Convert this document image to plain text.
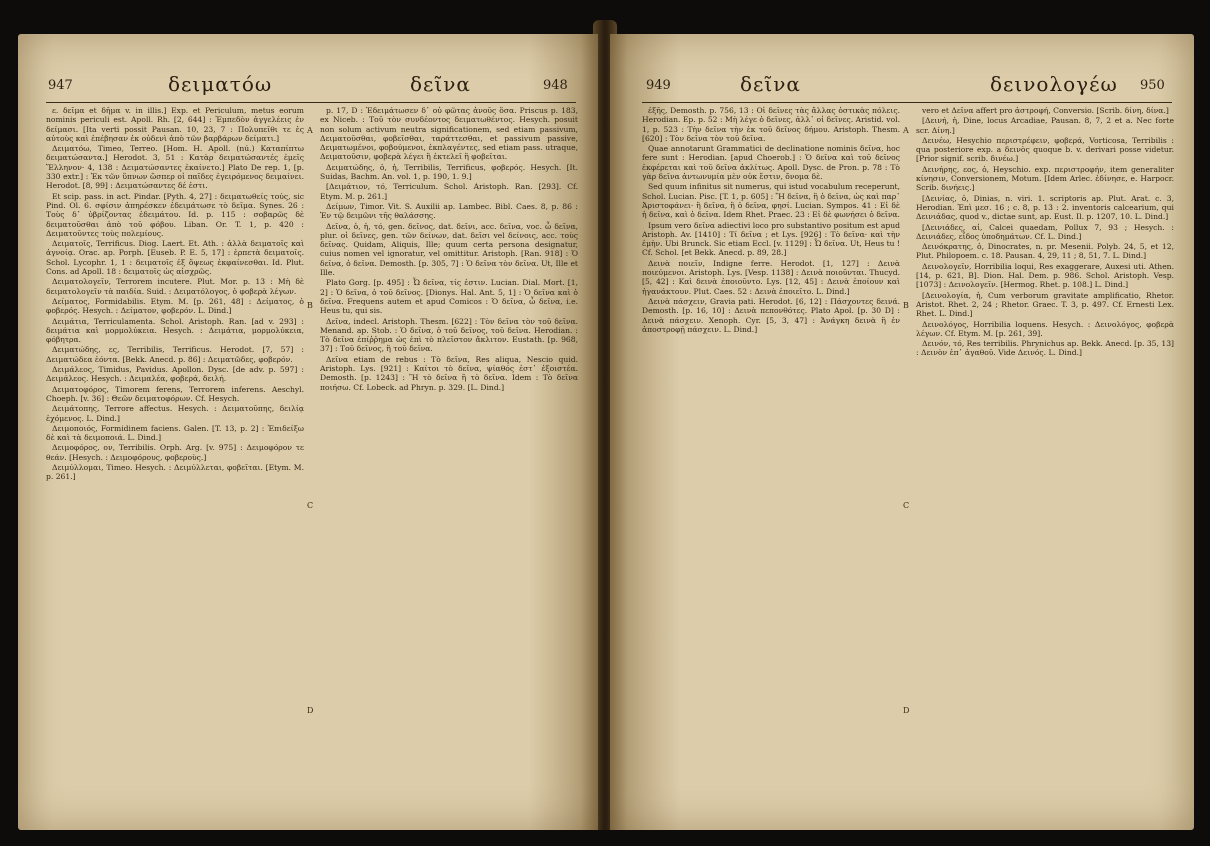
947	δειματόω	δεῖνα	948

ε. δεῖμα et δῆμα v. in illis.] Exp. et Periculum, metus eorum nominis periculi est. Apoll. Rh. [2, 644] : Ἐμπεδὸν ἀγγελέεις ἐν δείμασι. [Ita verti possit Pausan. 10, 23, 7 : Πολυπεῖθι τε ἐς αὐτοὺς καὶ ἐπέβησαν ἐκ οὐδενὶ ἀπὸ τῶν βαρβάρων δείματι.]

Δειματόω, Timeo, Terreo. [Hom. H. Apoll. (nú.) Καταπίπτω δειματώσαντα.] Herodot. 3, 51 : Κατὰρ δειματώσαντές ἐμεῖς Ἕλληνον· 4, 138 : Δειματώσαντες ἐκαίνετο.] Plato De rep. 1, [p. 330 extr.] : Ἐκ τῶν ὕπνων ὥσπερ οἱ παῖδες ἐγειρόμενος δειμαίνει. Herodot. [8, 99] : Δειματώσαντες δέ ἐστι.

Et scip. pass. in act. Pindar. [Pyth. 4, 27] : δειματωθείς τούς, sic Pind. Ol. 6. σφίσιν ἀπηρέσκεν ἐδειμάτωσε τὸ δεῖμα. Synes. 26 : Τοὺς δ᾽ ὑβρίζοντας ἐδειμάτου. Id. p. 115 : σοβαρῶς δὲ δειματοῦσθαι ἀπὸ τοῦ φόβου. Liban. Or. T. 1, p. 420 : Δειματοῦντες τοὺς πολεμίους.

Δειματοῖς, Terrificus. Diog. Laert. Et. Ath. : ἀλλὰ δειματοῖς καὶ ἀγνοίᾳ. Orac. ap. Porph. [Euseb. P. E. 5, 17] : ἐρπετὰ δειματοῖς. Schol. Lycophr. 1, 1 : δειματοῖς ἐξ ὄψεως ἐκφαίνεσθαι. Id. Plut. Cons. ad Apoll. 18 : δειματοῖς ὡς αἰσχρῶς.

Δειματολογεῖν, Terrorem incutere. Plut. Mor. p. 13 : Μὴ δὲ δειματολογεῖν τὰ παιδία. Suid. : Δειματόλογος, ὁ φοβερὰ λέγων.

Δείματος, Formidabilis. Etym. M. [p. 261, 48] : Δείματος, ὁ φοβερός. Hesych. : Δείματον, φοβερόν. L. Dind.]

Δειμάτια, Terriculamenta. Schol. Aristoph. Ran. [ad v. 293] : δειμάτια καὶ μορμολύκεια. Hesych. : Δειμάτια, μορμολύκεια, φόβητρα.

Δειματώδης, ες, Terribilis, Terrificus. Herodot. [7, 57] : Δειματώδεα ἐόντα. [Bekk. Anecd. p. 86] : Δειματῶδες, φοβερόν.

Δειμάλεος, Timidus, Pavidus. Apollon. Dysc. [de adv. p. 597] : Δειμάλεος. Hesych. : Δειμαλέα, φοβερά, δειλή.

Δειματοφόρος, Timorem ferens, Terrorem inferens. Aeschyl. Choeph. [v. 36] : Θεῶν δειματοφόρων. Cf. Hesych.

Δειμάτοπης, Terrore affectus. Hesych. : Δειματοῦπης, δειλίᾳ ἐχόμενος. L. Dind.]

Δειμοποιός, Formidinem faciens. Galen. [T. 13, p. 2] : Ἐπιδείξω δὲ καὶ τὰ δειμοποιά. L. Dind.]

Δειμοφόρος, ον, Terribilis. Orph. Arg. [v. 975] : Δειμοφόρον τε θεάν. [Hesych. : Δειμοφόρους, φοβεροὺς.]

Δειμύλλομαι, Timeo. Hesych. : Δειμύλλεται, φοβεῖται. [Etym. M. p. 261.]

A
B
C
D

p. 17, D : Ἐδειμάτωσεν δ᾽ οὐ φῶτας ἀνοῦς ὅσα. Priscus p. 183, ex Niceb. : Τοῦ τὸν συνδέοντος δειματωθέντος. Hesych. posuit non solum activum neutra significationem, sed etiam passivum, Δειματοῦσθαι, φοβεῖσθαι, ταράττεσθαι, et passivum passive, Δειματωμένοι, φοβούμενοι, ἐκπλαγέντες, sed etiam pass. utraque, Δειματοῦσιν, φοβερὰ λέγει ἢ ἐκτελεῖ ἢ φοβεῖται.

Δειματώδης, ὁ, ἡ, Terribilis, Terrificus, φοβερός. Hesych. [It. Suidas, Bachm. An. vol. 1, p. 190, 1. 9.]

[Δειμάτιον, τό, Terriculum. Schol. Aristoph. Ran. [293]. Cf. Etym. M. p. 261.]

Δείμων, Timor. Vit. S. Auxilii ap. Lambec. Bibl. Caes. 8, p. 86 : Ἐν τῷ δειμῶνι τῆς θαλάσσης.

Δεῖνα, ὁ, ἡ, τό, gen. δεῖνος, dat. δεῖνι, acc. δεῖνα, voc. ὦ δεῖνα, plur. οἱ δεῖνες, gen. τῶν δείνων, dat. δεῖσι vel δείνοις, acc. τοὺς δεῖνας. Quidam, Aliquis, Ille; quum certa persona designatur, cuius nomen vel ignoratur, vel omittitur. Aristoph. [Ran. 918] : Ὁ δεῖνα, ὁ δεῖνα. Demosth. [p. 305, 7] : Ὁ δεῖνα τὸν δεῖνα. Ut, Ille et Ille.

Plato Gorg. [p. 495] : Ὦ δεῖνα, τίς ἐστιν. Lucian. Dial. Mort. [1, 2] : Ὁ δεῖνα, ὁ τοῦ δεῖνος. [Dionys. Hal. Ant. 5, 1] : Ὁ δεῖνα καὶ ὁ δεῖνα. Frequens autem et apud Comicos : Ὁ δεῖνα, ὦ δεῖνα, i.e. Heus tu, qui sis.

Δεῖνα, indecl. Aristoph. Thesm. [622] : Τὸν δεῖνα τὸν τοῦ δεῖνα. Menand. ap. Stob. : Ὁ δεῖνα, ὁ τοῦ δεῖνος, τοῦ δεῖνα. Herodian. : Τὸ δεῖνα ἐπίῤῥημα ὡς ἐπὶ τὸ πλεῖστον ἄκλιτον. Eustath. [p. 968, 37] : Τοῦ δεῖνος, ἢ τοῦ δεῖνα.

Δεῖνα etiam de rebus : Τὸ δεῖνα, Res aliqua, Nescio quid. Aristoph. Lys. [921] : Καίτοι τὸ δεῖνα, ψίαθός ἐστ᾽ ἐξοιστέα. Demosth. [p. 1243] : Ἢ τὸ δεῖνα ἢ τὸ δεῖνα. Idem : Τὸ δεῖνα ποιήσω. Cf. Lobeck. ad Phryn. p. 329. [L. Dind.]

949	δεῖνα	δεινολογέω 950

ἐξῆς, Demosth. p. 756, 13 : Οἱ δεῖνες τὰς ἄλλας ὁστικὰς πόλεις. Herodian. Ep. p. 52 : Μὴ λέγε ὁ δεῖνες, ἀλλ᾽ οἱ δεῖνες. Aristid. vol. 1, p. 523 : Τὴν δεῖνα τὴν ἐκ τοῦ δεῖνος δήμου. Aristoph. Thesm. [620] : Τὸν δεῖνα τὸν τοῦ δεῖνα.

Quae annotarunt Grammatici de declinatione nominis δεῖνα, hoc fere sunt : Herodian. [apud Choerob.] : Ὁ δεῖνα καὶ τοῦ δεῖνος ἐκφέρεται καὶ τοῦ δεῖνα ἀκλίτως. Apoll. Dysc. de Pron. p. 78 : Τὸ γὰρ δεῖνα ἀντωνυμία μὲν οὐκ ἔστιν, ὄνομα δὲ.

Sed quum infinitus sit numerus, qui istud vocabulum receperunt, Schol. Lucian. Pisc. [T. 1, p. 605] : Ἢ δεῖνα, ἢ ὁ δεῖνα, ὡς καὶ παρ᾽ Ἀριστοφάνει· ἢ δεῖνα, ἢ ὁ δεῖνα, φησί. Lucian. Sympos. 41 : Εἰ δὲ ἡ δεῖνα, καὶ ὁ δεῖνα. Idem Rhet. Praec. 23 : Εἰ δὲ φωνήσει ὁ δεῖνα.

Ipsum vero δεῖνα adiectivi loco pro substantivo positum est apud Aristoph. Av. [1410] : Τί δεῖνα ; et Lys. [926] : Τὸ δεῖνα· καὶ τὴν ἐμὴν. Ubi Brunck. Sic etiam Eccl. [v. 1129] : Ὦ δεῖνα. Ut, Heus tu ! Cf. Schol. [et Bekk. Anecd. p. 89, 28.]

Δεινὰ ποιεῖν, Indigne ferre. Herodot. [1, 127] : Δεινὰ ποιεύμενοι. Aristoph. Lys. [Vesp. 1138] : Δεινὰ ποιοῦνται. Thucyd. [5, 42] : Καὶ δεινὰ ἐποιοῦντο. Lys. [12, 45] : Δεινὰ ἐποίουν καὶ ἠγανάκτουν. Plut. Caes. 52 : Δεινὰ ἐποιεῖτο. L. Dind.]

Δεινὰ πάσχειν, Gravia pati. Herodot. [6, 12] : Πάσχοντες δεινά. Demosth. [p. 16, 10] : Δεινὰ πεπονθότες. Plato Apol. [p. 30 D] : Δεινὰ πάσχειν. Xenoph. Cyr. [5, 3, 47] : Ἀνάγκη δεινὰ ἢ ἐν ἀποστροφῇ πάσχειν. L. Dind.]

A
B
C
D

vero et Δεῖνα affert pro ἀστροφή, Conversio. [Scrib. δίνη, δίνα.]

[Δεινή, ἡ, Dine, locus Arcadiae, Pausan. 8, 7, 2 et a. Nec forte scr. Δίνη.]

Δεινέω, Hesychio περιστρέφειν, φοβερά, Vorticosa, Terribilis : qua posteriore exp. a δεινὸς quoque b. v. derivari posse videtur. [Prior signif. scrib. δινέω.]

Δεινήρης, εος, ὁ, Heyschiο. exp. περιστροφήν, item generaliter κίνησιν, Conversionem, Motum. [Idem Arlec. ἐδίνησε, e. Harpocr. Scrib. δινήεις.]

[Δεινίας, ὁ, Dinias, n. viri. 1. scriptoris ap. Plut. Arat. c. 3, Herodian. Ἐπὶ μεσ. 16 ; c. 8, p. 13 : 2. inventoris calcearium, qui Δεινιάδας, quod v., dictae sunt, ap. Eust. Il. p. 1207, 10. L. Dind.]

[Δεινιάδες, αἱ, Calcei quaedam, Pollux 7, 93 ; Hesych. : Δεινιάδες, εἶδος ὑποδημάτων. Cf. L. Dind.]

Δεινόκρατης, ὁ, Dinocrates, n. pr. Mesenii. Polyb. 24, 5, et 12, Plut. Philopoem. c. 18. Pausan. 4, 29, 11 ; 8, 51, 7. L. Dind.]

Δεινολογεῖν, Horribilia loqui, Res exaggerare, Auxesi uti. Athen. [14, p. 621, B]. Dion. Hal. Dem. p. 986. Schol. Aristoph. Vesp. [1073] : Δεινολογεῖν. [Hermog. Rhet. p. 108.] L. Dind.]

[Δεινολογία, ἡ, Cum verborum gravitate amplificatio, Rhetor. Aristot. Rhet. 2, 24 ; Rhetor. Graec. T. 3, p. 497. Cf. Ernesti Lex. Rhet. L. Dind.]

Δεινολόγος, Horribilia loquens. Hesych. : Δεινολόγος, φοβερὰ λέγων. Cf. Etym. M. [p. 261, 39].

Δεινόν, τό, Res terribilis. Phrynichus ap. Bekk. Anecd. [p. 35, 13] : Δεινὸν ἐπ᾽ ἀγαθοῦ. Vide Δεινός. L. Dind.]
